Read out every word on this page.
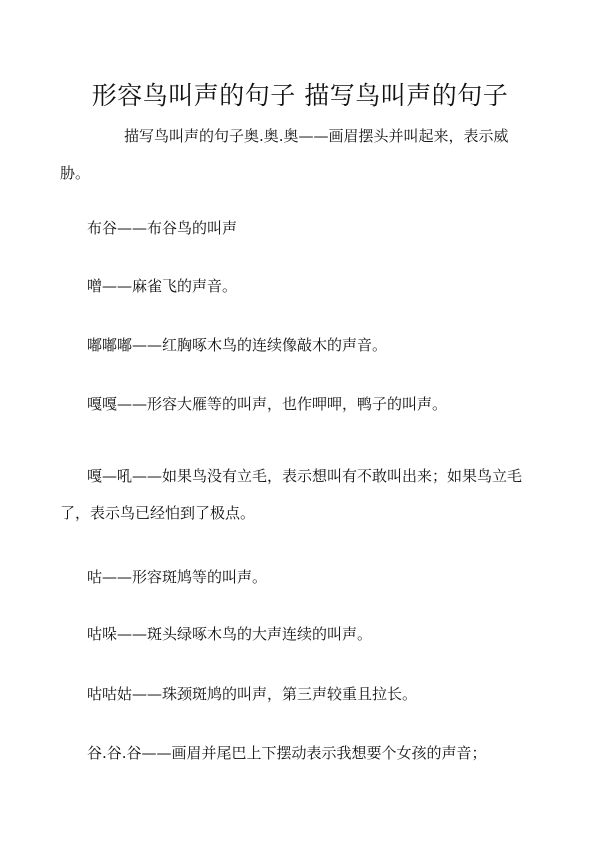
形容鸟叫声的句子 描写鸟叫声的句子
描写鸟叫声的句子奥.奥.奥——画眉摆头并叫起来，表示威胁。
布谷——布谷鸟的叫声
噌——麻雀飞的声音。
嘟嘟嘟——红胸啄木鸟的连续像敲木的声音。
嘎嘎——形容大雁等的叫声，也作呷呷，鸭子的叫声。
嘎—吼——如果鸟没有立毛，表示想叫有不敢叫出来；如果鸟立毛了，表示鸟已经怕到了极点。
咕——形容斑鸠等的叫声。
咕哚——斑头绿啄木鸟的大声连续的叫声。
咕咕姑——珠颈斑鸠的叫声，第三声较重且拉长。
谷.谷.谷——画眉并尾巴上下摆动表示我想要个女孩的声音；
